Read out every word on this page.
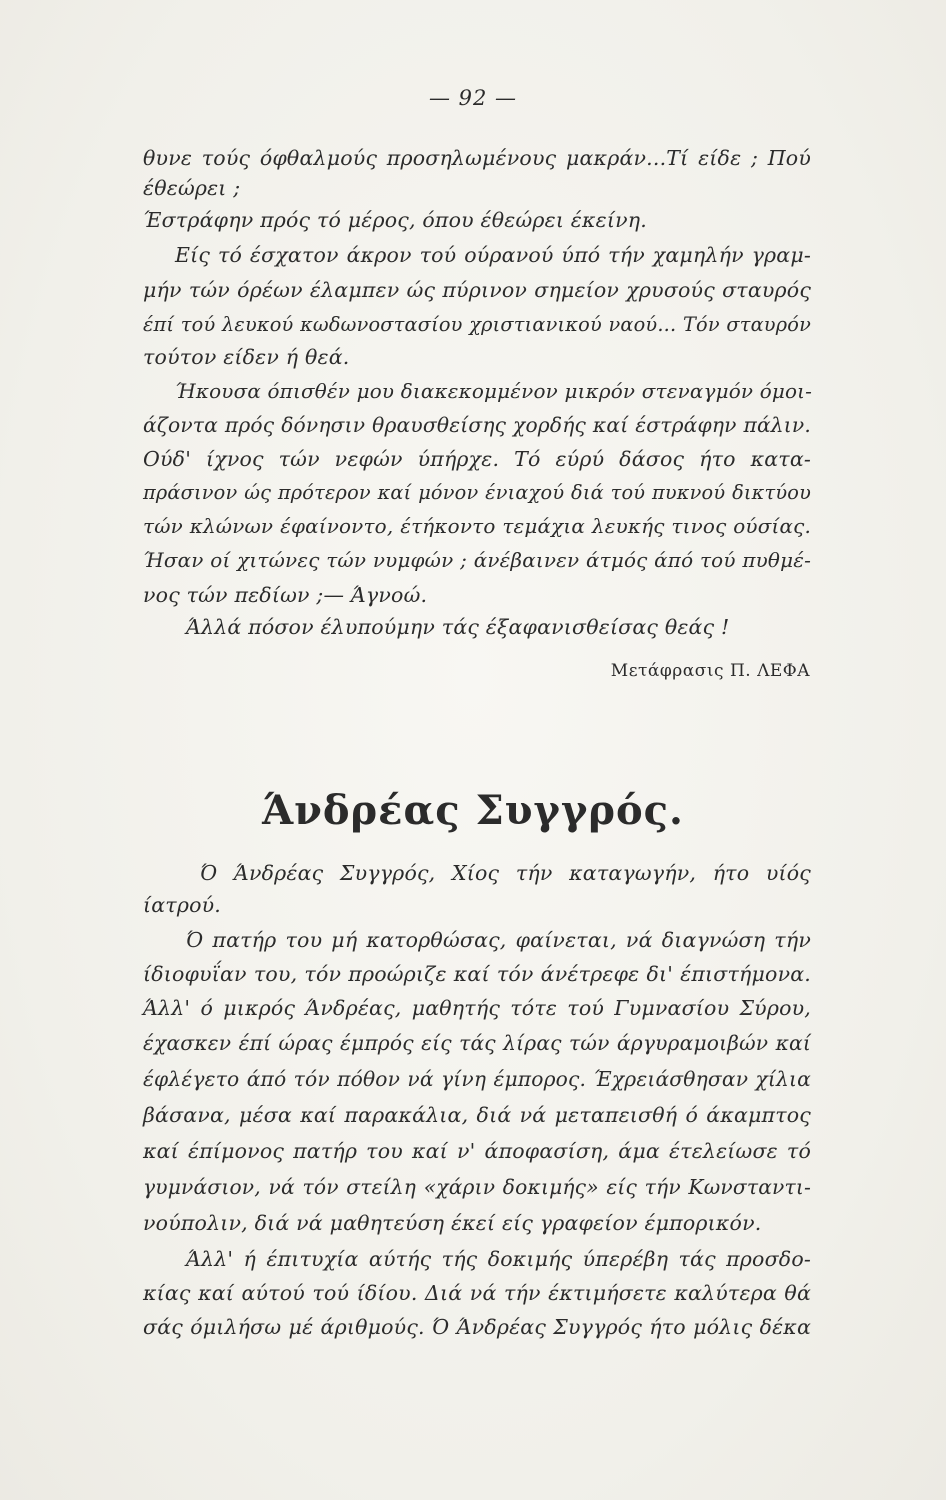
— 92 —
θυνε τούς όφθαλμούς προσηλωμένους μακράν...Τί είδε ; Πού
έθεώρει ;
Έστράφην πρός τό μέρος, όπου έθεώρει έκείνη.
Είς τό έσχατον άκρον τού ούρανού ύπό τήν χαμηλήν γραμ-
μήν τών όρέων έλαμπεν ώς πύρινον σημείον χρυσούς σταυρός
έπί τού λευκού κωδωνοστασίου χριστιανικού ναού... Τόν σταυρόν
τούτον είδεν ή θεά.
Ήκουσα όπισθέν μου διακεκομμένον μικρόν στεναγμόν όμοι-
άζοντα πρός δόνησιν θραυσθείσης χορδής καί έστράφην πάλιν.
Ούδ' ίχνος τών νεφών ύπήρχε. Τό εύρύ δάσος ήτο κατα-
πράσινον ώς πρότερον καί μόνον ένιαχού διά τού πυκνού δικτύου
τών κλώνων έφαίνοντο, έτήκοντο τεμάχια λευκής τινος ούσίας.
Ήσαν οί χιτώνες τών νυμφών ; άνέβαινεν άτμός άπό τού πυθμέ-
νος τών πεδίων ;— Άγνοώ.
Άλλά πόσον έλυπούμην τάς έξαφανισθείσας θεάς !
Μετάφρασις Π. ΛΕΦΑ
Άνδρέας Συγγρός.
Ό Άνδρέας Συγγρός, Χίος τήν καταγωγήν, ήτο υίός
ίατρού.
Ό πατήρ του μή κατορθώσας, φαίνεται, νά διαγνώση τήν
ίδιοφυΐαν του, τόν προώριζε καί τόν άνέτρεφε δι' έπιστήμονα.
Άλλ' ό μικρός Άνδρέας, μαθητής τότε τού Γυμνασίου Σύρου,
έχασκεν έπί ώρας έμπρός είς τάς λίρας τών άργυραμοιβών καί
έφλέγετο άπό τόν πόθον νά γίνη έμπορος. Έχρειάσθησαν χίλια
βάσανα, μέσα καί παρακάλια, διά νά μεταπεισθή ό άκαμπτος
καί έπίμονος πατήρ του καί ν' άποφασίση, άμα έτελείωσε τό
γυμνάσιον, νά τόν στείλη «χάριν δοκιμής» είς τήν Κωνσταντι-
νούπολιν, διά νά μαθητεύση έκεί είς γραφείον έμπορικόν.
Άλλ' ή έπιτυχία αύτής τής δοκιμής ύπερέβη τάς προσδο-
κίας καί αύτού τού ίδίου. Διά νά τήν έκτιμήσετε καλύτερα θά
σάς όμιλήσω μέ άριθμούς. Ό Άνδρέας Συγγρός ήτο μόλις δέκα
